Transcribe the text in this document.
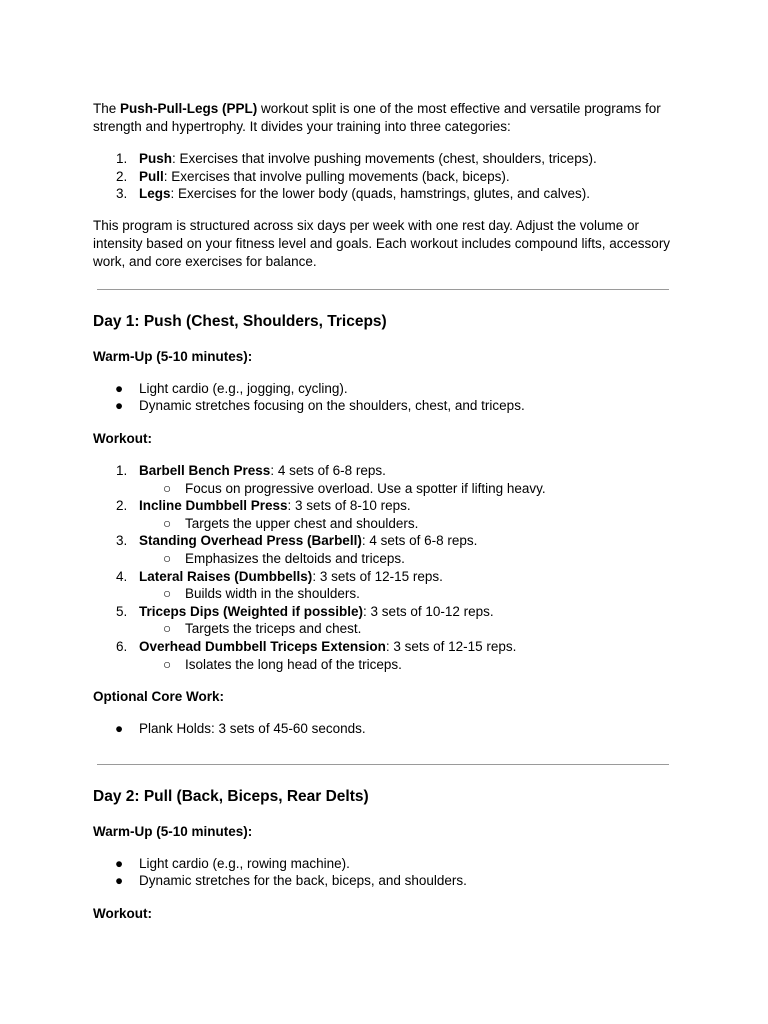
The Push-Pull-Legs (PPL) workout split is one of the most effective and versatile programs for strength and hypertrophy. It divides your training into three categories:

1. Push: Exercises that involve pushing movements (chest, shoulders, triceps).
2. Pull: Exercises that involve pulling movements (back, biceps).
3. Legs: Exercises for the lower body (quads, hamstrings, glutes, and calves).

This program is structured across six days per week with one rest day. Adjust the volume or intensity based on your fitness level and goals. Each workout includes compound lifts, accessory work, and core exercises for balance.

Day 1: Push (Chest, Shoulders, Triceps)
Warm-Up (5-10 minutes):
● Light cardio (e.g., jogging, cycling).
● Dynamic stretches focusing on the shoulders, chest, and triceps.
Workout:
1. Barbell Bench Press: 4 sets of 6-8 reps.
○ Focus on progressive overload. Use a spotter if lifting heavy.
2. Incline Dumbbell Press: 3 sets of 8-10 reps.
○ Targets the upper chest and shoulders.
3. Standing Overhead Press (Barbell): 4 sets of 6-8 reps.
○ Emphasizes the deltoids and triceps.
4. Lateral Raises (Dumbbells): 3 sets of 12-15 reps.
○ Builds width in the shoulders.
5. Triceps Dips (Weighted if possible): 3 sets of 10-12 reps.
○ Targets the triceps and chest.
6. Overhead Dumbbell Triceps Extension: 3 sets of 12-15 reps.
○ Isolates the long head of the triceps.
Optional Core Work:
● Plank Holds: 3 sets of 45-60 seconds.
Day 2: Pull (Back, Biceps, Rear Delts)
Warm-Up (5-10 minutes):
● Light cardio (e.g., rowing machine).
● Dynamic stretches for the back, biceps, and shoulders.
Workout:
